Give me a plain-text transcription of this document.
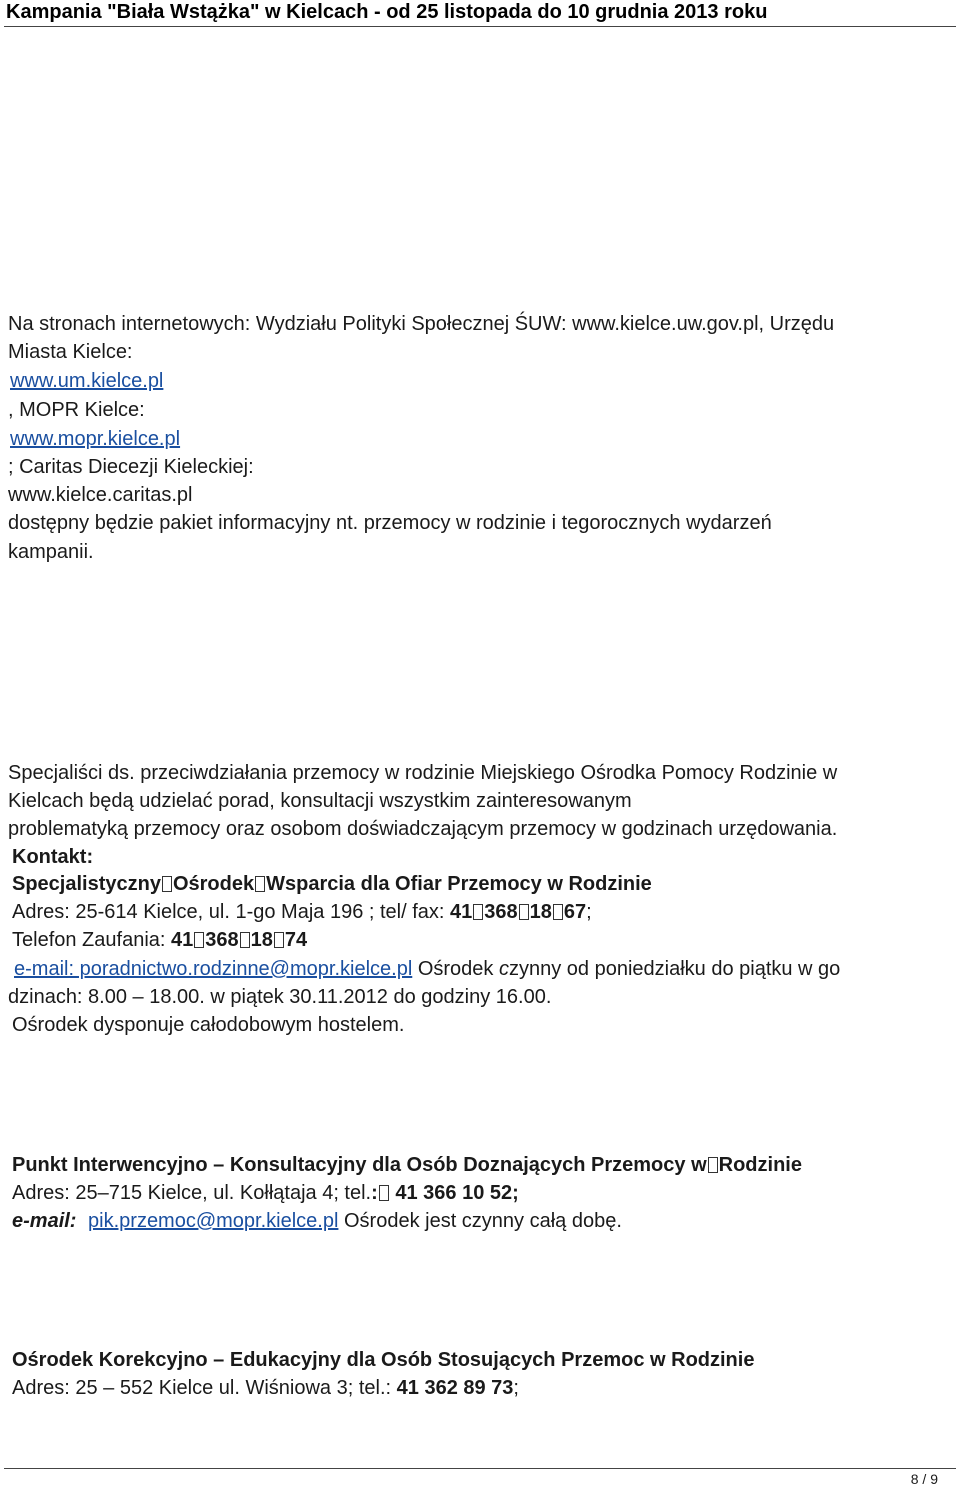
Kampania "Biała Wstążka" w Kielcach - od 25 listopada do 10 grudnia 2013 roku
Na stronach internetowych: Wydziału Polityki Społecznej ŚUW: www.kielce.uw.gov.pl, Urzędu
Miasta Kielce:
www.um.kielce.pl
, MOPR Kielce:
www.mopr.kielce.pl
; Caritas Diecezji Kieleckiej:
www.kielce.caritas.pl
dostępny będzie pakiet informacyjny nt. przemocy w rodzinie i tegorocznych wydarzeń
kampanii.
Specjaliści ds. przeciwdziałania przemocy w rodzinie Miejskiego Ośrodka Pomocy Rodzinie w
Kielcach będą udzielać porad, konsultacji wszystkim zainteresowanym
problematyką przemocy oraz osobom doświadczającym przemocy w godzinach urzędowania.
Kontakt:
Specjalistyczny Ośrodek Wsparcia dla Ofiar Przemocy w Rodzinie
Adres: 25-614 Kielce, ul. 1-go Maja 196 ; tel/ fax: 41 368 18 67;
Telefon Zaufania: 41 368 18 74
e-mail: poradnictwo.rodzinne@mopr.kielce.pl Ośrodek czynny od poniedziałku do piątku w go
dzinach: 8.00 – 18.00. w piątek 30.11.2012 do godziny 16.00.
Ośrodek dysponuje całodobowym hostelem.
Punkt Interwencyjno – Konsultacyjny dla Osób Doznających Przemocy w Rodzinie
Adres: 25–715 Kielce, ul. Kołłątaja 4; tel.: 41 366 10 52;
e-mail: pik.przemoc@mopr.kielce.pl Ośrodek jest czynny całą dobę.
Ośrodek Korekcyjno – Edukacyjny dla Osób Stosujących Przemoc w Rodzinie
Adres: 25 – 552 Kielce ul. Wiśniowa 3; tel.: 41 362 89 73;
8 / 9
